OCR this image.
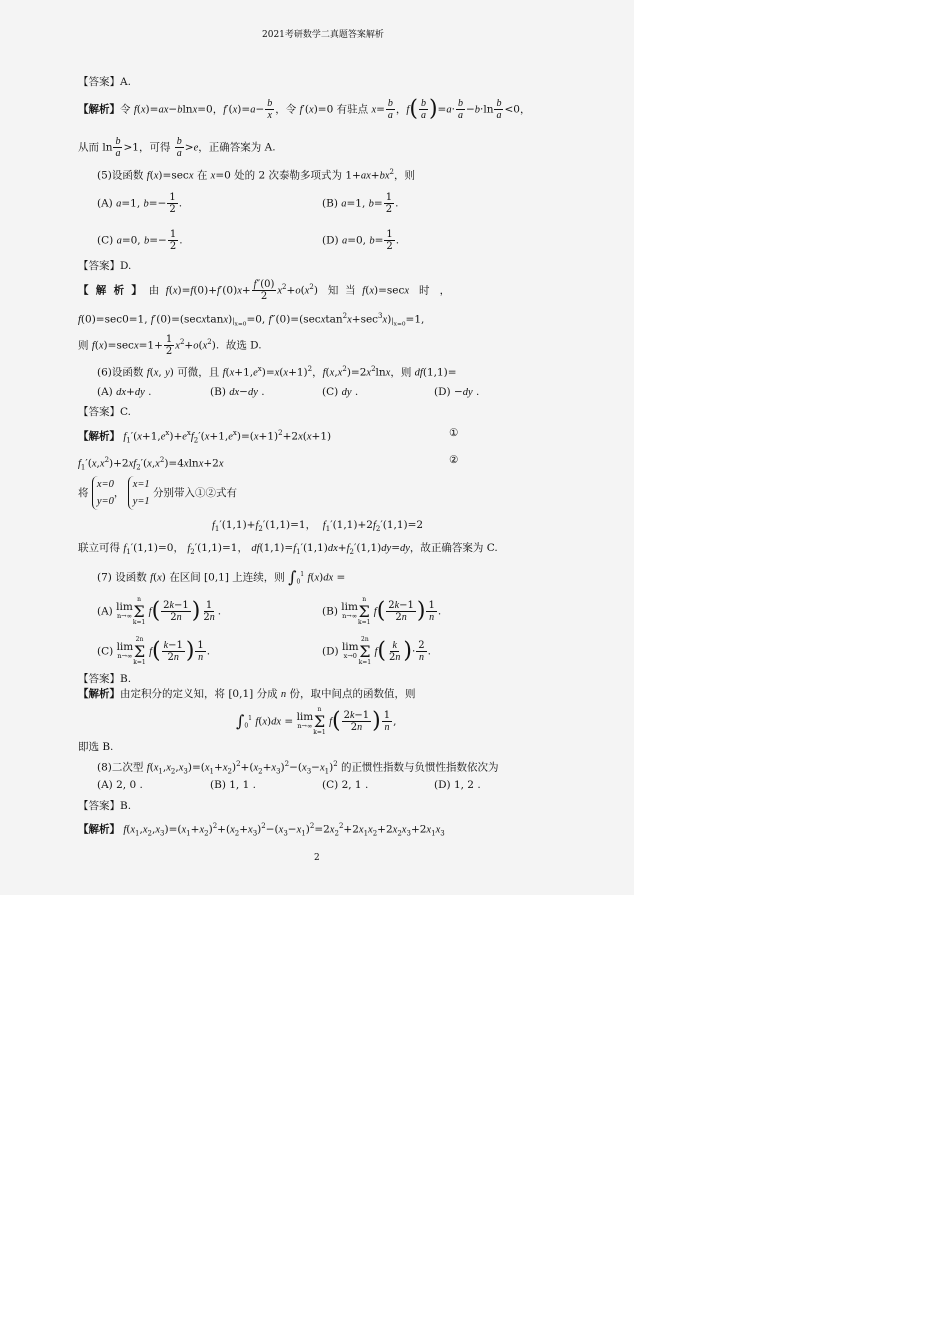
2021考研数学二真题答案解析
【答案】A.
【解析】令 f(x)=ax−blnx=0，$f'(x)=a- \frac{b}{x}$ ，令 f′(x)=0 有驻点 $x= \frac{b}{a}$ ，$f( \frac{b}{a} )=a\cdot \frac{b}{a} -b\cdot\ln \frac{b}{a} <0$，
从而 $\ln \frac{b}{a} >1$，可得 $\frac{b}{a} >e$，正确答案为 A.
(5)设函数 f(x)=secx 在 x=0 处的 2 次泰勒多项式为 $1+ax+bx^2$，则
(A) a=1, $b=- \frac{1}{2}$ .	(B) a=1, $b= \frac{1}{2}$ .
(C) a=0, $b=- \frac{1}{2}$ .	(D) a=0, $b= \frac{1}{2}$ .
【答案】D.
【  解  析  】  由  $f(x)=f(0)+f'(0)x+ \frac{f''(0)}{2} x^2+o(x^2)$   知  当  f(x)=secx   时   ，
f(0)=sec0=1, $f'(0)=(secxtanx)|_{x=0}=0$, $f''(0)=(secxtan^2x+\sec^3x)|_{x=0}=1$,
则 $f(x)=\sec x=1+ \frac{1}{2} x^2+o(x^2)$.  故选 D.
(6)设函数 f(x, y) 可微，且 $f(x+1,e^x)=x(x+1)^2$，$f(x,x^2)=2x^2\ln x$，则 df(1,1)=
(A) dx+dy .	(B) dx−dy .	(C) dy .	(D) −dy .
【答案】C.
【解析】 $f_1'(x+1,e^x)+e^xf_2'(x+1,e^x)=(x+1)^2+2x(x+1)$	①
$f_1'(x,x^2)+2xf_2'(x,x^2)=4xlnx+2x$	②
将 x=0
y=0， x=1
y=1 分别带入①②式有
$f_1'(1,1)+f_2'(1,1)=1$，  $f_1'(1,1)+2f_2'(1,1)=2$
联立可得 $f_1'(1,1)=0$， $f_2'(1,1)=1$， $df(1,1)=f_1'(1,1)dx+f_2'(1,1)dy=dy$，故正确答案为 C.
(7) 设函数 f(x) 在区间 [0,1] 上连续，则 $\int_0^1$ f(x)dx =
(A) lim
n→∞
n
Σ
k=1
$f( \frac{2k-1}{2n}$ ) $\frac{1}{2n}$ .	(B) lim
n→∞
n
Σ
k=1
$f( \frac{2k-1}{2n}$ ) $\frac{1}{n}$ .
(C) lim
n→∞
2n
Σ
k=1
$f( \frac{k-1}{2n}$ ) $\frac{1}{n}$ .	(D) lim
x→0
2n
Σ
k=1
$f( \frac{k}{2n}$ )· $\frac{2}{n}$ .
【答案】B.
【解析】由定积分的定义知，将 [0,1] 分成 n 份，取中间点的函数值，则
$\int_0^1$ f(x)dx = lim
n→∞
n
Σ
k=1
$f( \frac{2k-1}{2n}$ ) $\frac{1}{n}$ ,
即选 B.
(8)二次型 $f(x_1,x_2,x_3)=(x_1+x_2)^2+(x_2+x_3)^2-(x_3-x_1)^2$ 的正惯性指数与负惯性指数依次为
(A) 2, 0 .	(B) 1, 1 .	(C) 2, 1 .	(D) 1, 2 .
【答案】B.
【解析】 $f(x_1,x_2,x_3)=(x_1+x_2)^2+(x_2+x_3)^2-(x_3-x_1)^2=2x_2^2+2x_1x_2+2x_2x_3+2x_1x_3$
2
